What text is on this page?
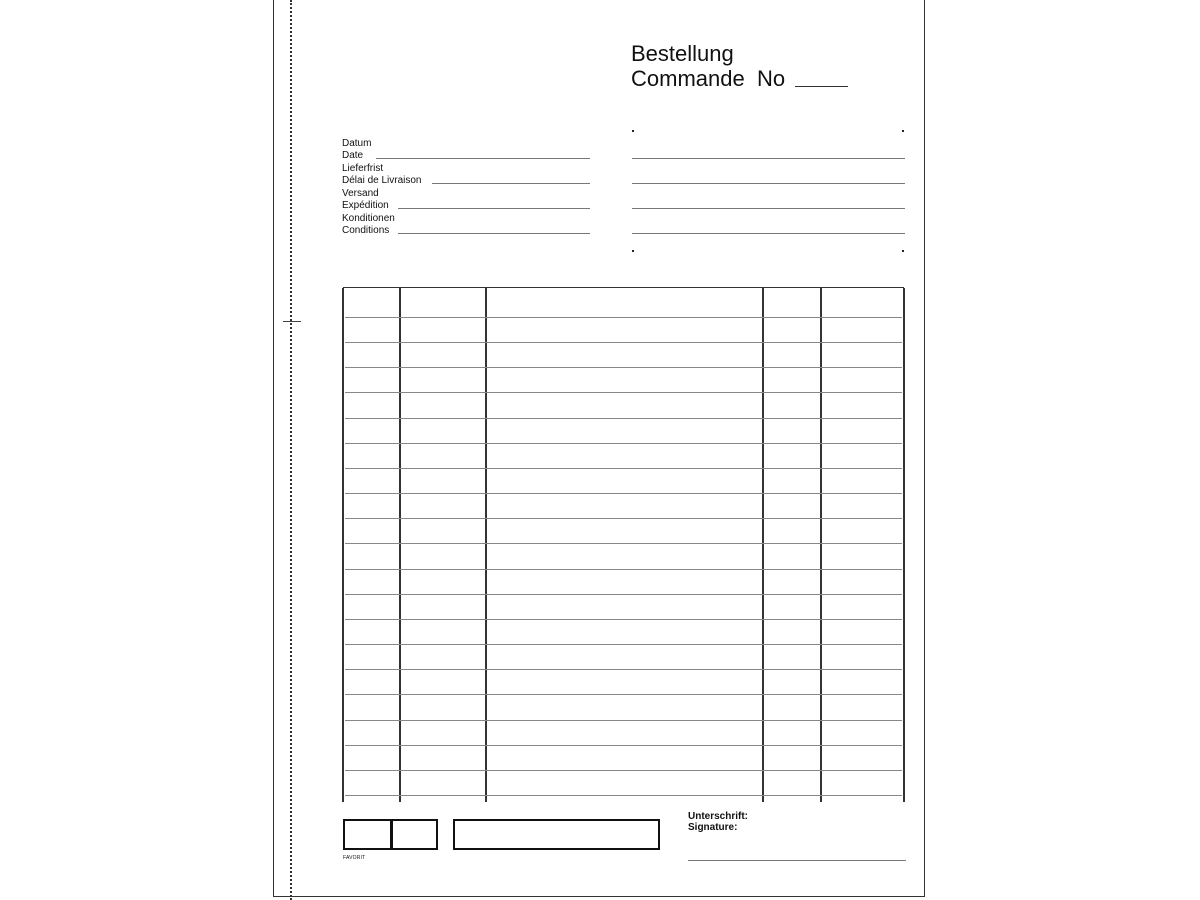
Bestellung
Commande  No
Datum
Date
Lieferfrist
Délai de Livraison
Versand
Expédition
Konditionen
Conditions
FAVORIT
Unterschrift:
Signature:
